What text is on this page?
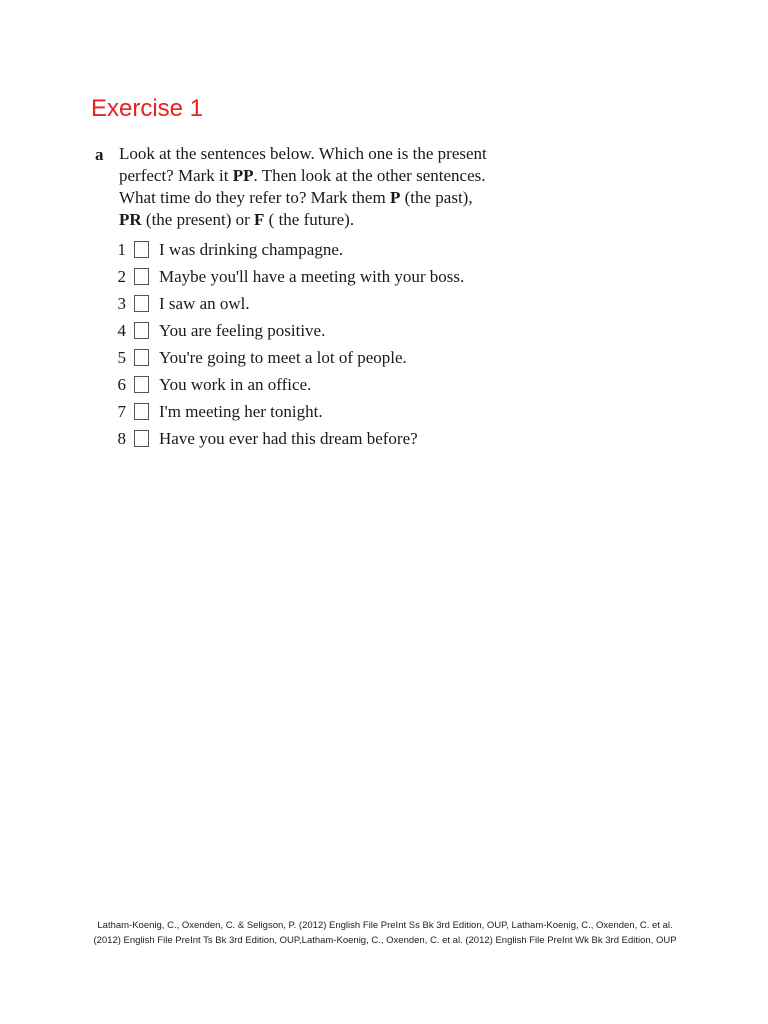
Exercise 1
a Look at the sentences below. Which one is the present
perfect? Mark it PP. Then look at the other sentences.
What time do they refer to? Mark them P (the past),
PR (the present) or F ( the future).
1 I was drinking champagne.
2 Maybe you'll have a meeting with your boss.
3 I saw an owl.
4 You are feeling positive.
5 You're going to meet a lot of people.
6 You work in an office.
7 I'm meeting her tonight.
8 Have you ever had this dream before?
Latham-Koenig, C., Oxenden, C. & Seligson, P. (2012) English File PreInt Ss Bk 3rd Edition, OUP, Latham-Koenig, C., Oxenden, C. et al.(2012) English File PreInt Ts Bk 3rd Edition, OUP,Latham-Koenig, C., Oxenden, C. et al. (2012) English File PreInt Wk Bk 3rd Edition, OUP
